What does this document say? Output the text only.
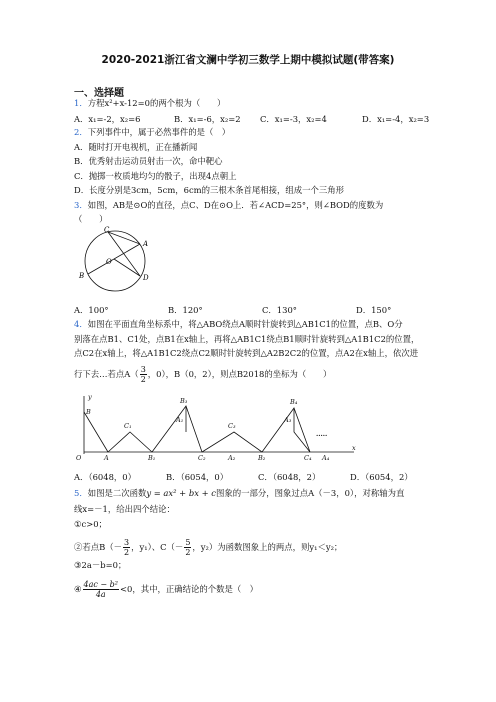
2020-2021浙江省文澜中学初三数学上期中模拟试题(带答案)
一、选择题
1．方程x²+x-12=0的两个根为（　　）
A．x₁=-2，x₂=6	B．x₁=-6，x₂=2 C．x₁=-3，x₂=4	D．x₁=-4，x₂=3
2．下列事件中，属于必然事件的是（　）
A．随时打开电视机，正在播新闻
B．优秀射击运动员射击一次，命中靶心
C．抛掷一枚质地均匀的骰子，出现4点朝上
D．长度分别是3cm，5cm，6cm的三根木条首尾相接，组成一个三角形
3．如图，AB是⊙O的直径，点C、D在⊙O上．若∠ACD=25°，则∠BOD的度数为
（　　）
C
A
O
B	D
A．100°	B．120°	C．130°	D．150°
4．如图在平面直角坐标系中，将△ABO绕点A顺时针旋转到△AB1C1的位置，点B、O分
别落在点B1、C1处，点B1在x轴上，再将△AB1C1绕点B1顺时针旋转到△A1B1C2的位置，
点C2在x轴上，将△A1B1C2绕点C2顺时针旋转到△A2B2C2的位置，点A2在x轴上，依次进
行下去…若点$A( \frac{3}{2}$ ，0），B（0，2），则点B2018的坐标为（　　）
y
x
O
B
A
C₁
B₁
B₃
A₁
C₂	A₂
C₃
B₂
B₄
A₃
C₄ A₄
.....
A．（6048，0）	B．（6054，0）	C．（6048，2）	D．（6054，2）
5．如图是二次函数y = ax² + bx + c图象的一部分，图象过点A（－3，0），对称轴为直
线x=－1，给出四个结论：
①c>0；
②若点$B(- \frac{3}{2}$ ，y₁）、$C(- \frac{5}{2}$ ，y₂）为函数图象上的两点，则y₁＜y₂；
③2a－b=0；
④ $\frac{\text{4ac − b²}}{4a} <0$，其中，正确结论的个数是（　）
